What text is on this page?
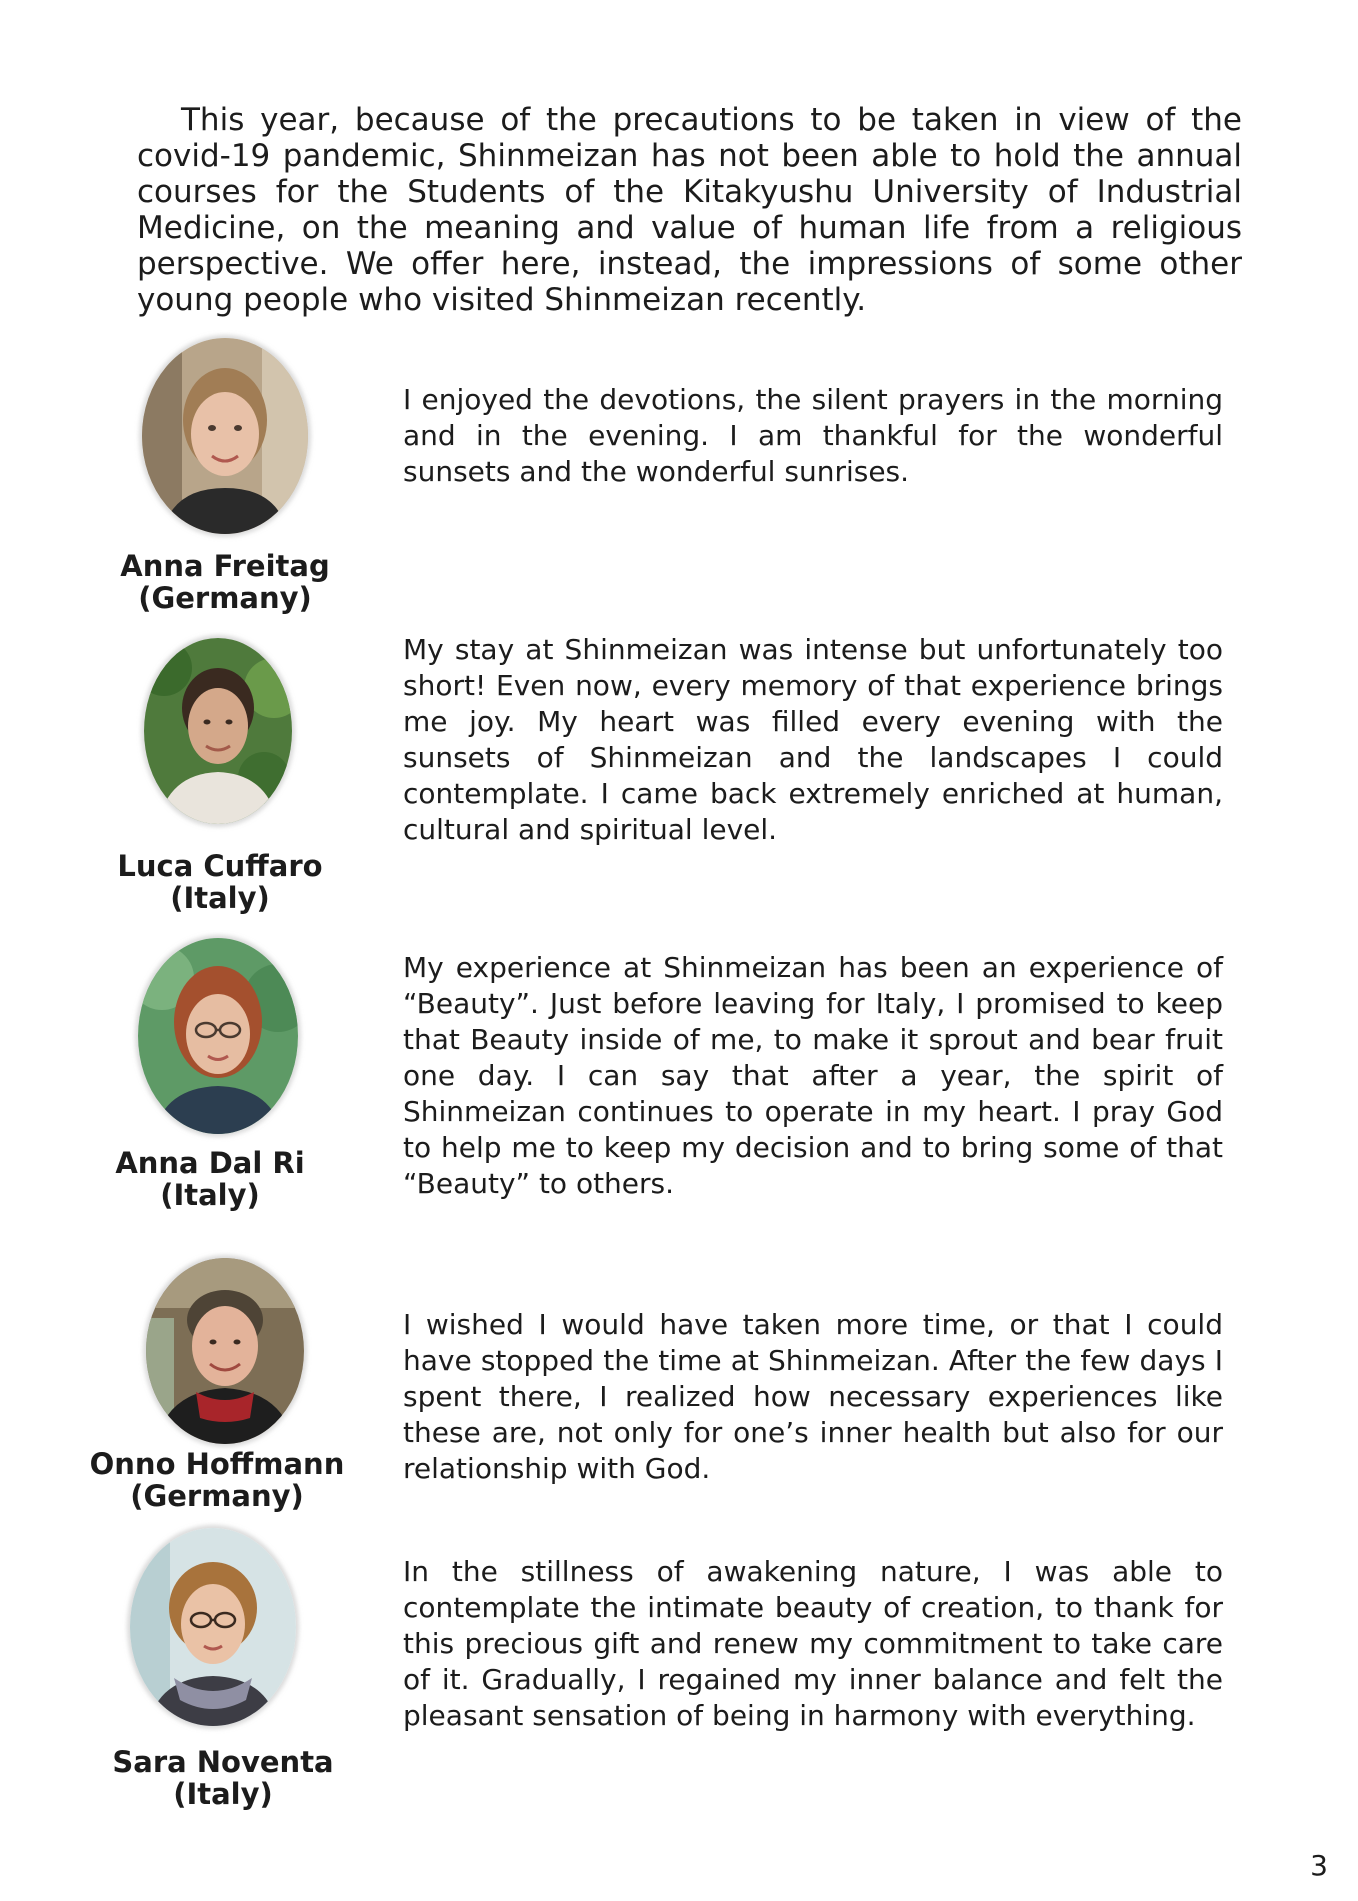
This year, because of the precautions to be taken in view of the covid-19 pandemic, Shinmeizan has not been able to hold the annual courses for the Students of the Kitakyushu University of Industrial Medicine, on the meaning and value of human life from a religious perspective. We offer here, instead, the impressions of some other young people who visited Shinmeizan recently.

Anna Freitag
(Germany)

I enjoyed the devotions, the silent prayers in the morning and in the evening. I am thankful for the wonderful sunsets and the wonderful sunrises.

Luca Cuffaro
(Italy)

My stay at Shinmeizan was intense but unfortunately too short! Even now, every memory of that experience brings me joy. My heart was filled every evening with the sunsets of Shinmeizan and the landscapes I could contemplate. I came back extremely enriched at human, cultural and spiritual level.

Anna Dal Ri
(Italy)

My experience at Shinmeizan has been an experience of “Beauty”. Just before leaving for Italy, I promised to keep that Beauty inside of me, to make it sprout and bear fruit one day. I can say that after a year, the spirit of Shinmeizan continues to operate in my heart. I pray God to help me to keep my decision and to bring some of that “Beauty” to others.

Onno Hoffmann
(Germany)

I wished I would have taken more time, or that I could have stopped the time at Shinmeizan. After the few days I spent there, I realized how necessary experiences like these are, not only for one’s inner health but also for our relationship with God.

Sara Noventa
(Italy)

In the stillness of awakening nature, I was able to contemplate the intimate beauty of creation, to thank for this precious gift and renew my commitment to take care of it. Gradually, I regained my inner balance and felt the pleasant sensation of being in harmony with everything.

3
